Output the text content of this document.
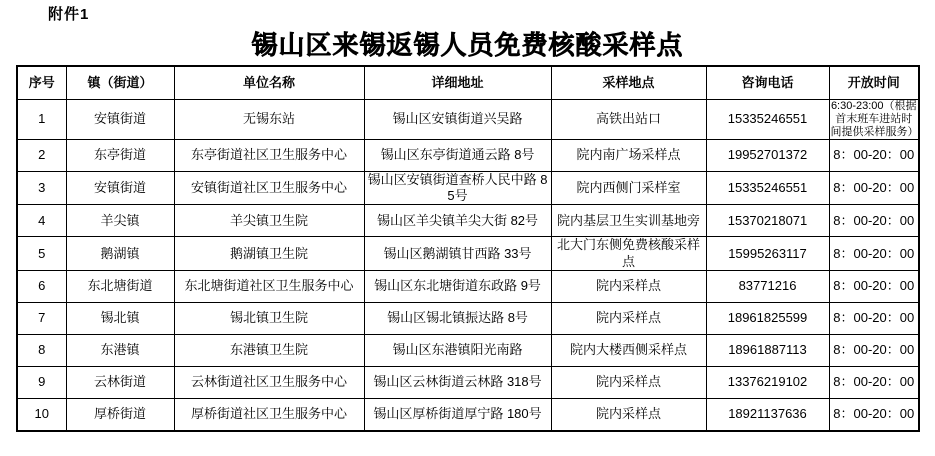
附件1
锡山区来锡返锡人员免费核酸采样点
序号	镇（街道）	单位名称	详细地址	采样地点	咨询电话	开放时间
1	安镇街道	无锡东站	锡山区安镇街道兴吴路	高铁出站口	15335246551	6:30-23:00（根据首末班车进站时间提供采样服务）
2	东亭街道	东亭街道社区卫生服务中心	锡山区东亭街道通云路 8号	院内南广场采样点	19952701372	8：00-20：00
3	安镇街道	安镇街道社区卫生服务中心	锡山区安镇街道查桥人民中路 85号	院内西侧门采样室	15335246551	8：00-20：00
4	羊尖镇	羊尖镇卫生院	锡山区羊尖镇羊尖大街 82号	院内基层卫生实训基地旁	15370218071	8：00-20：00
5	鹅湖镇	鹅湖镇卫生院	锡山区鹅湖镇甘西路 33号	北大门东侧免费核酸采样点	15995263117	8：00-20：00
6	东北塘街道	东北塘街道社区卫生服务中心	锡山区东北塘街道东政路 9号	院内采样点	83771216	8：00-20：00
7	锡北镇	锡北镇卫生院	锡山区锡北镇振达路 8号	院内采样点	18961825599	8：00-20：00
8	东港镇	东港镇卫生院	锡山区东港镇阳光南路	院内大楼西侧采样点	18961887113	8：00-20：00
9	云林街道	云林街道社区卫生服务中心	锡山区云林街道云林路 318号	院内采样点	13376219102	8：00-20：00
10	厚桥街道	厚桥街道社区卫生服务中心	锡山区厚桥街道厚宁路 180号	院内采样点	18921137636	8：00-20：00
